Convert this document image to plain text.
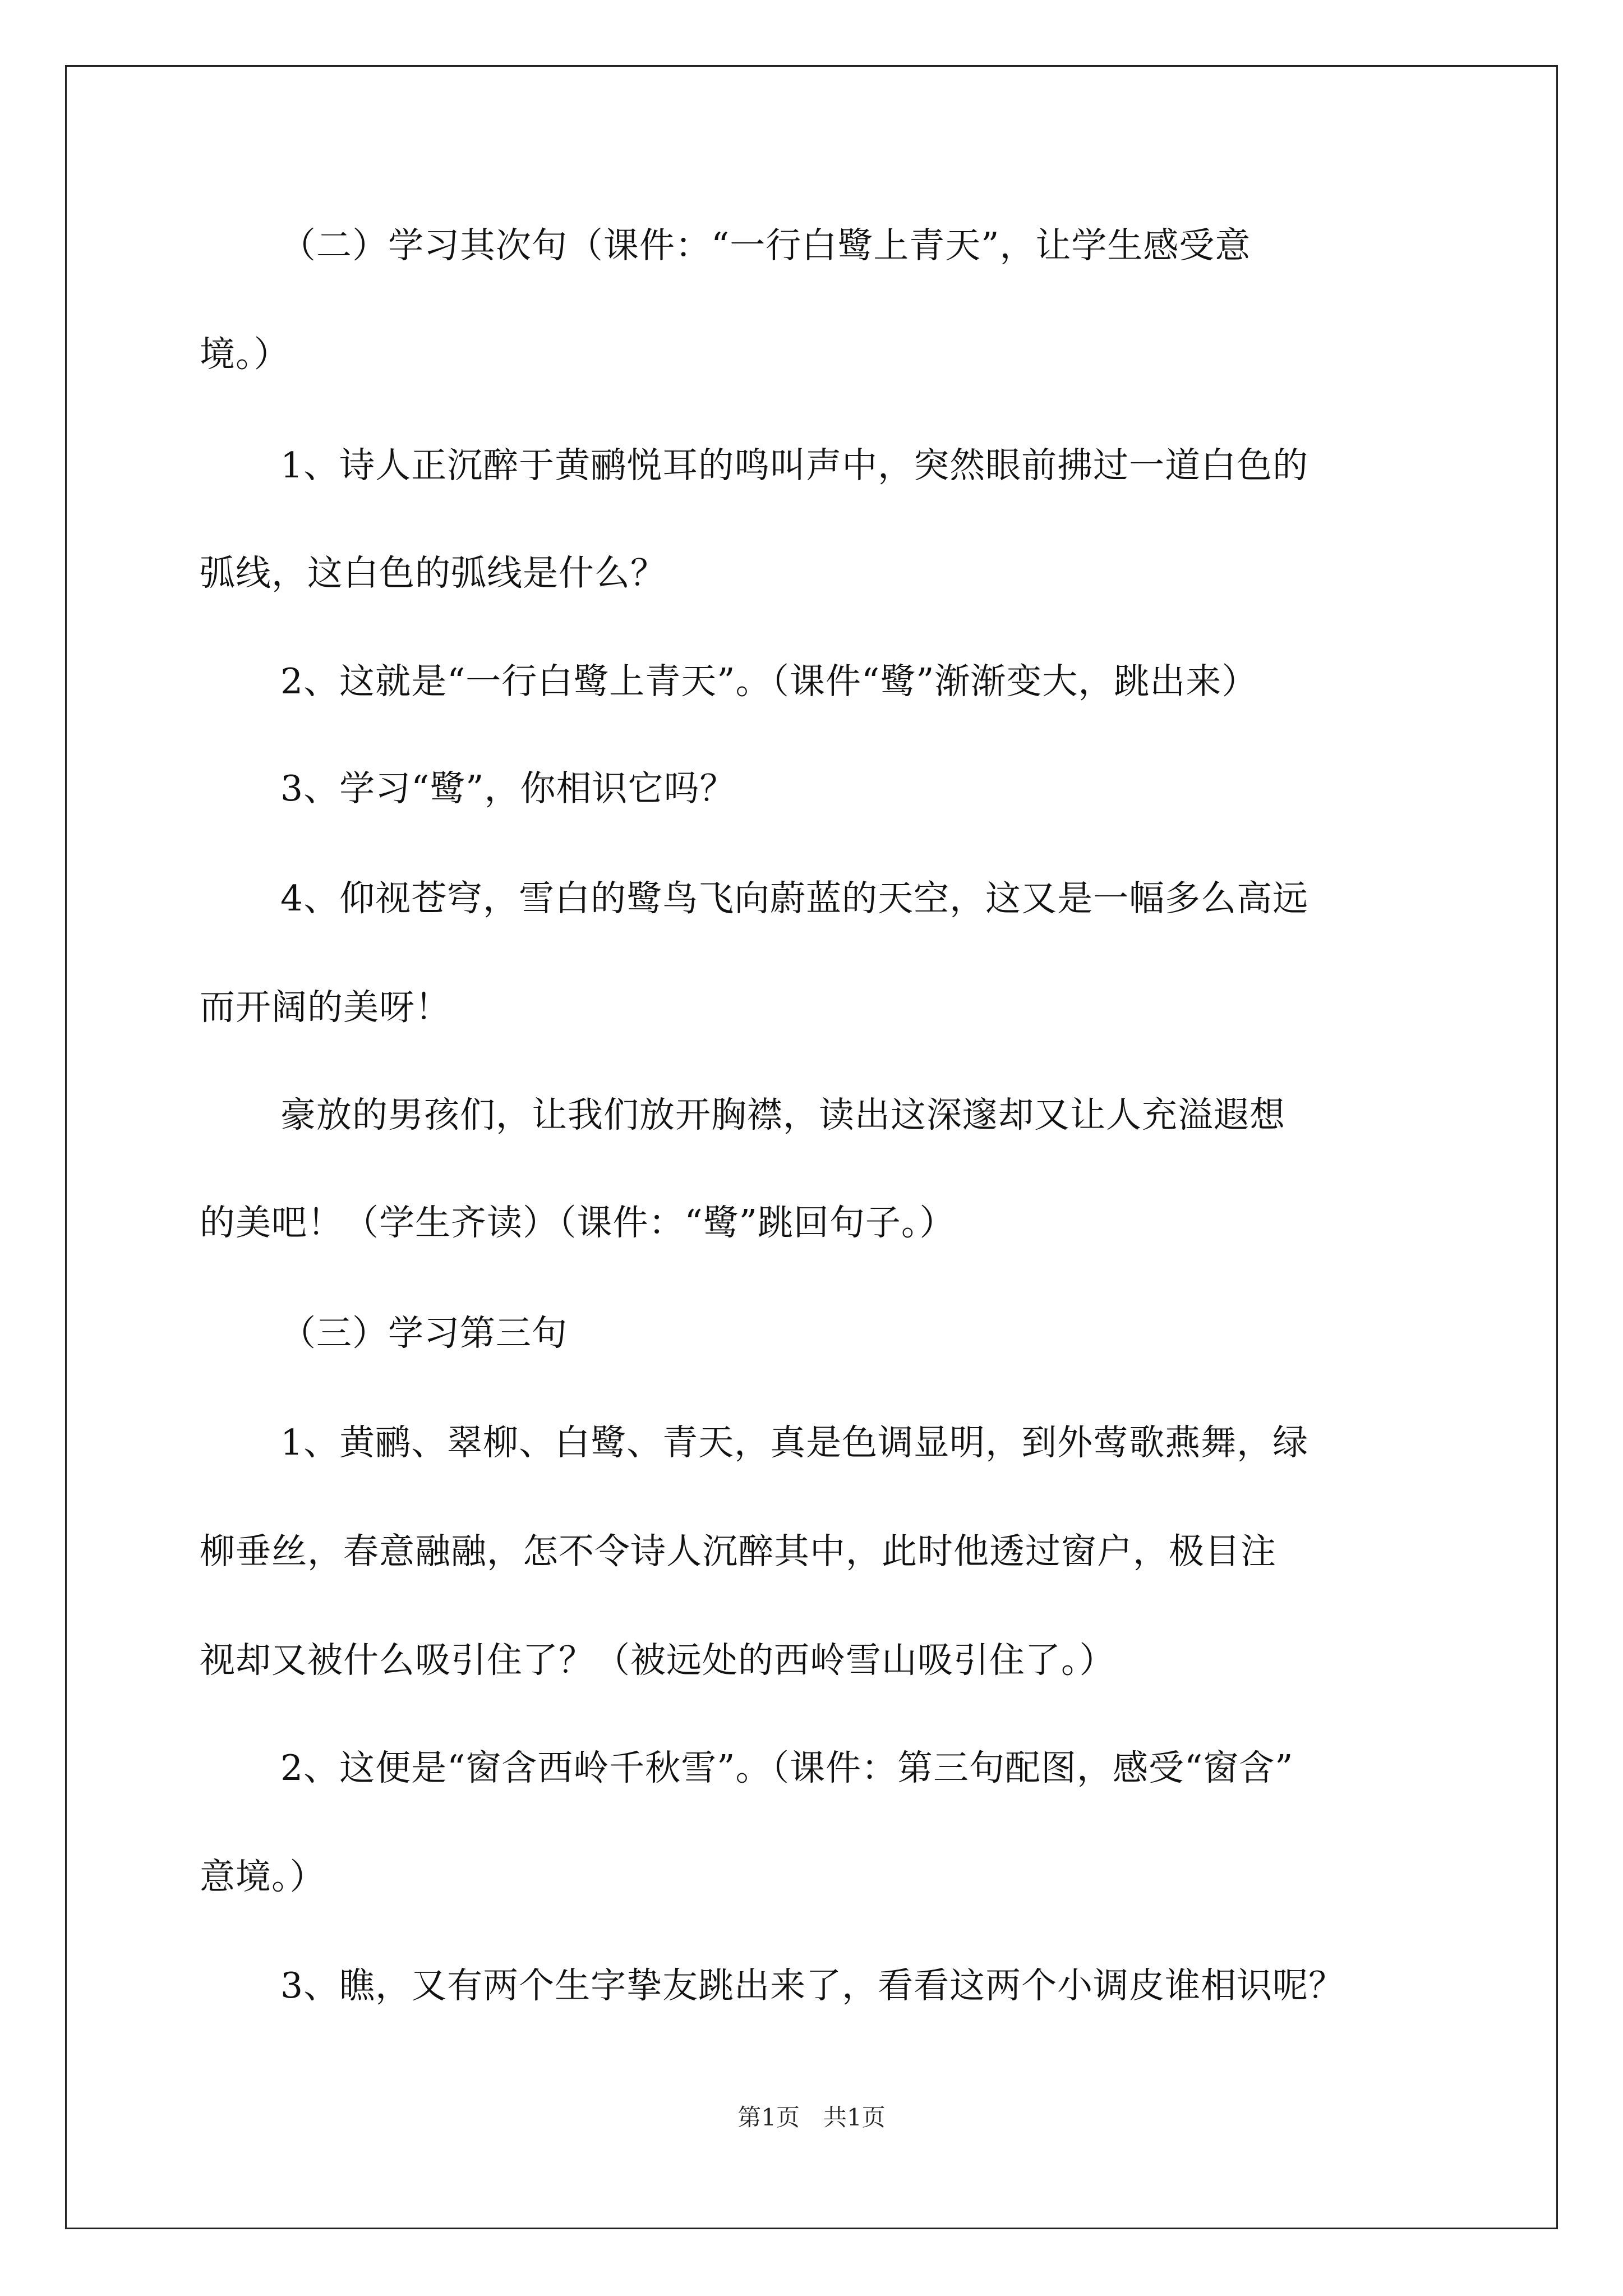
（二）学习其次句（课件：“一行白鹭上青天”，让学生感受意
境。）
1、诗人正沉醉于黄鹂悦耳的鸣叫声中，突然眼前拂过一道白色的
弧线，这白色的弧线是什么？
2、这就是“一行白鹭上青天”。（课件“鹭”渐渐变大，跳出来）
3、学习“鹭”，你相识它吗？
4、仰视苍穹，雪白的鹭鸟飞向蔚蓝的天空，这又是一幅多么高远
而开阔的美呀！
豪放的男孩们，让我们放开胸襟，读出这深邃却又让人充溢遐想
的美吧！（学生齐读）（课件：“鹭”跳回句子。）
（三）学习第三句
1、黄鹂、翠柳、白鹭、青天，真是色调显明，到外莺歌燕舞，绿
柳垂丝，春意融融，怎不令诗人沉醉其中，此时他透过窗户，极目注
视却又被什么吸引住了？（被远处的西岭雪山吸引住了。）
2、这便是“窗含西岭千秋雪”。（课件：第三句配图，感受“窗含”
意境。）
3、瞧，又有两个生字挚友跳出来了，看看这两个小调皮谁相识呢？
第1页　共1页
